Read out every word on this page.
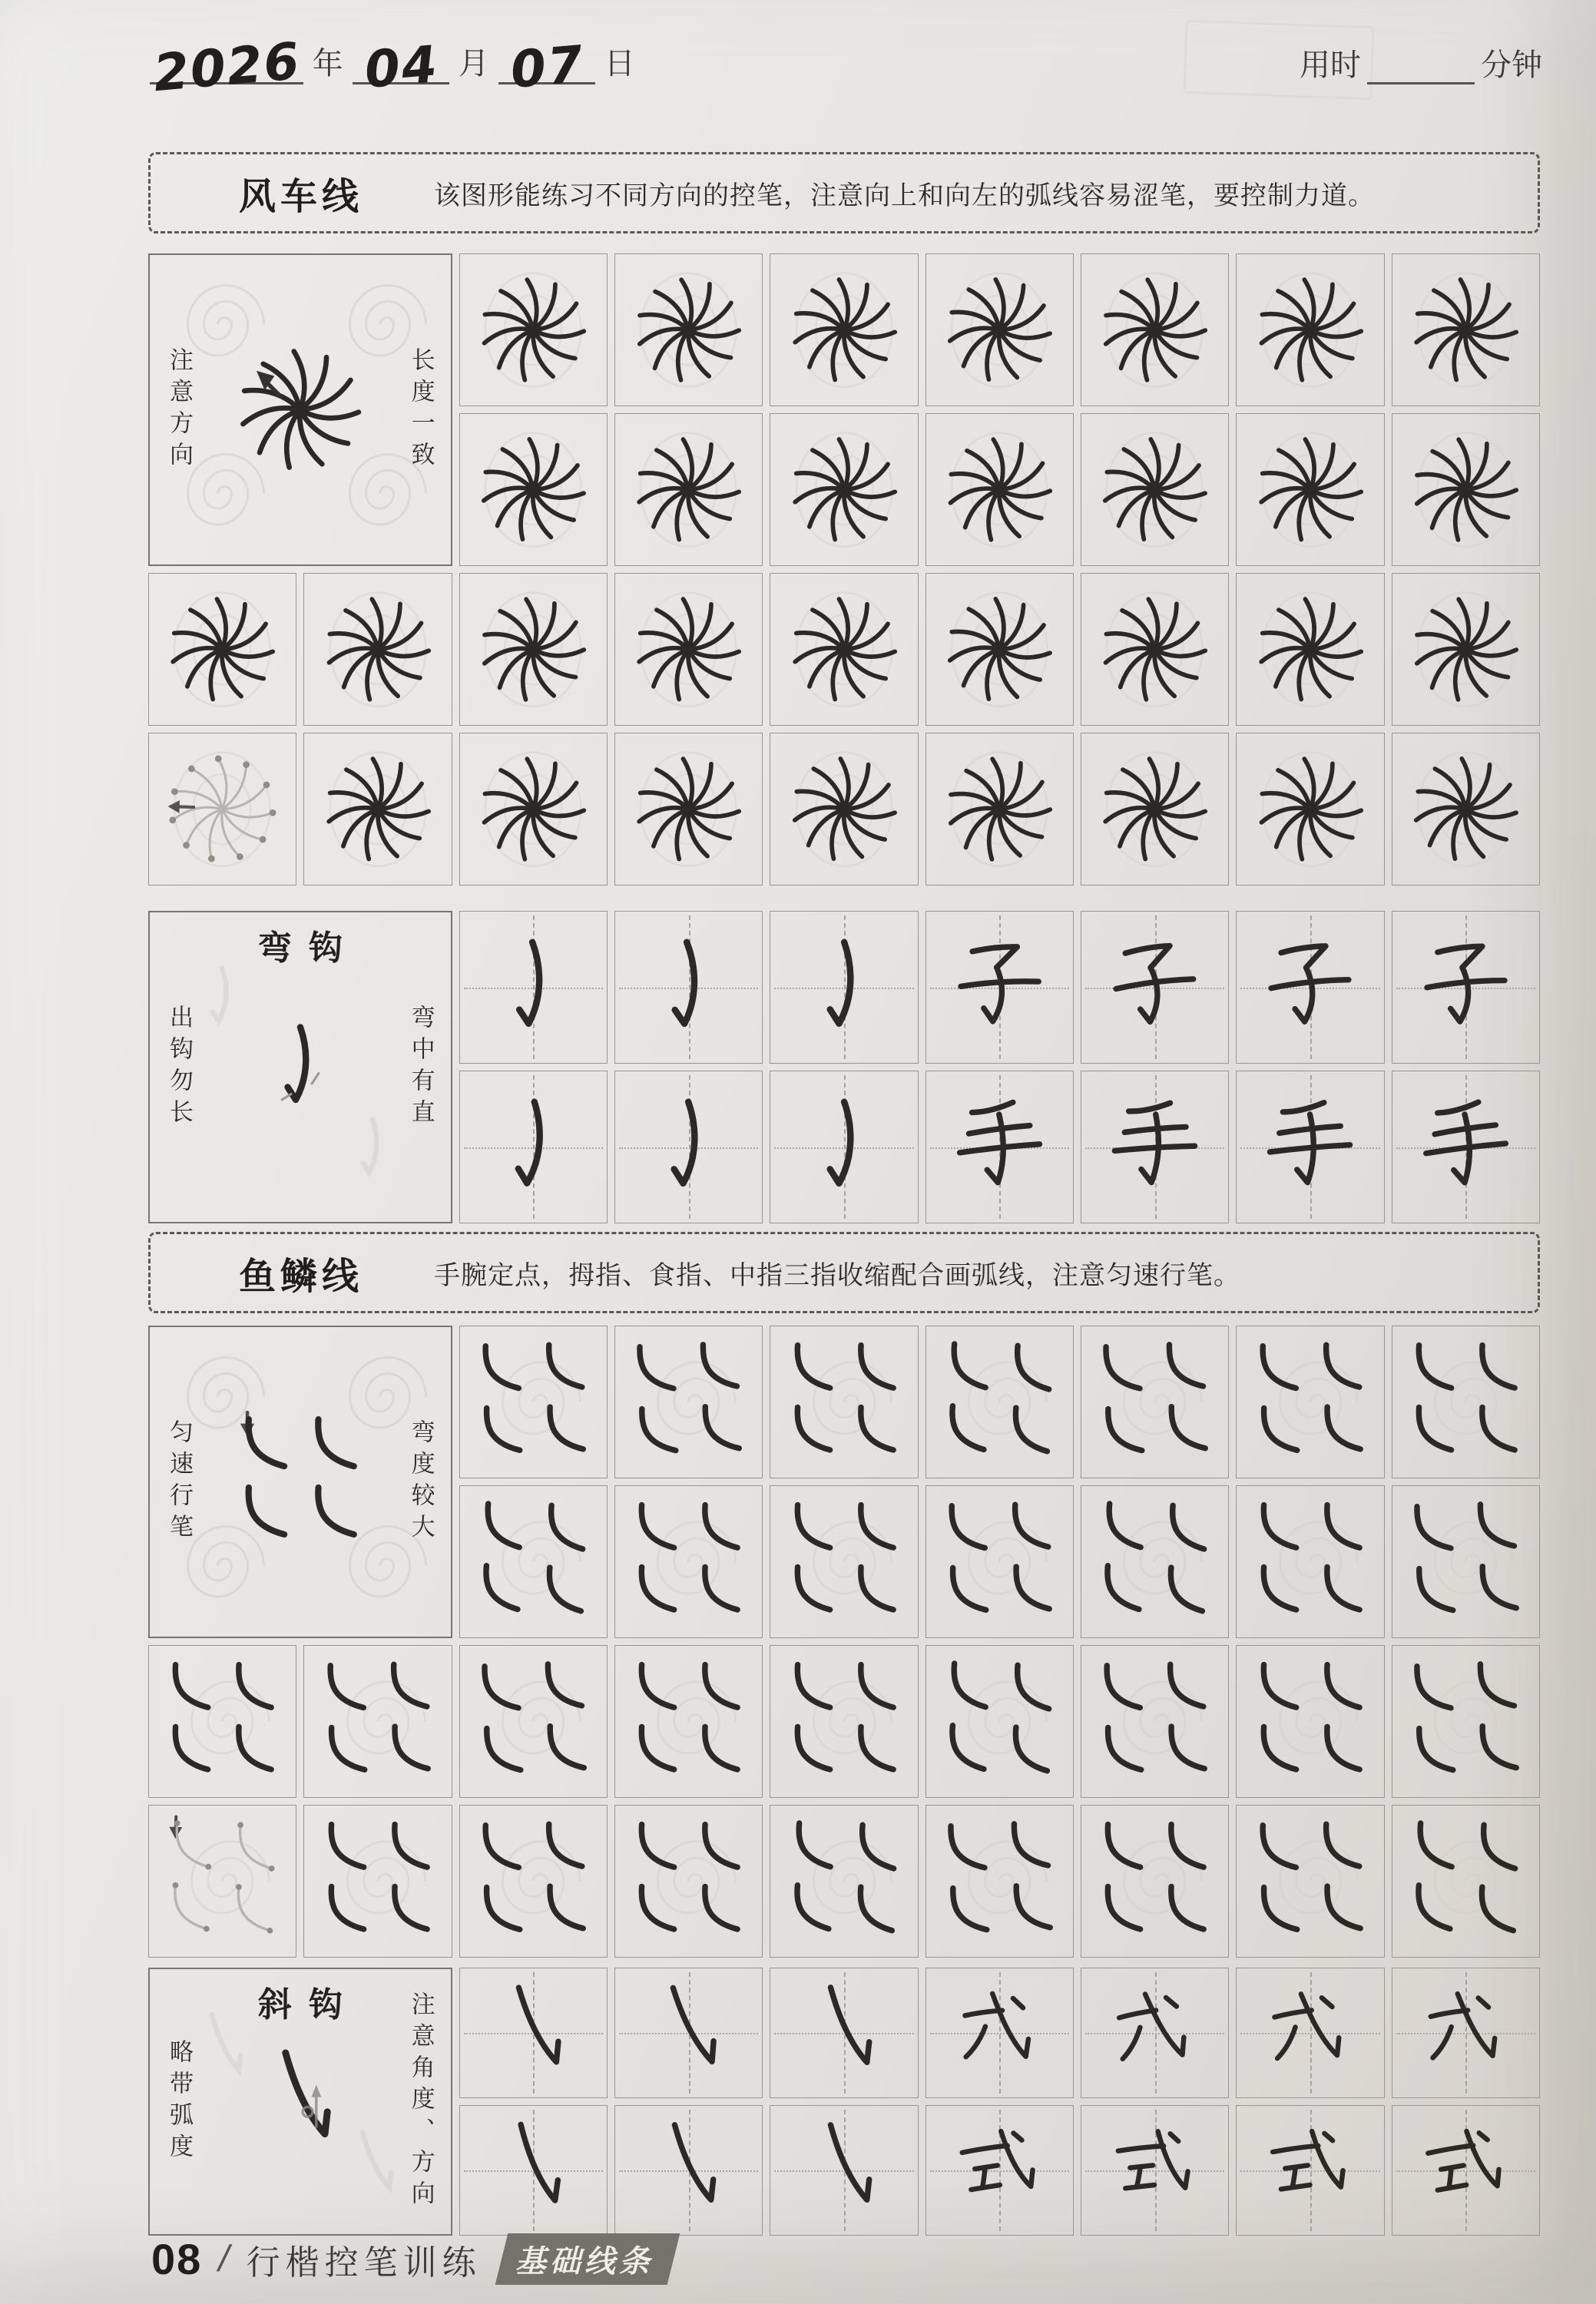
2026 年 04 月 07 日	用时	分钟
风车线	该图形能练习不同方向的控笔，注意向上和向左的弧线容易涩笔，要控制力道。
注意方向	长度一致
弯钩
出钩勿长	弯中有直
鱼鳞线	手腕定点，拇指、食指、中指三指收缩配合画弧线，注意匀速行笔。
匀速行笔	弯度较大
斜钩
略带弧度	注意角度、方向
08 / 行楷控笔训练	基础线条
